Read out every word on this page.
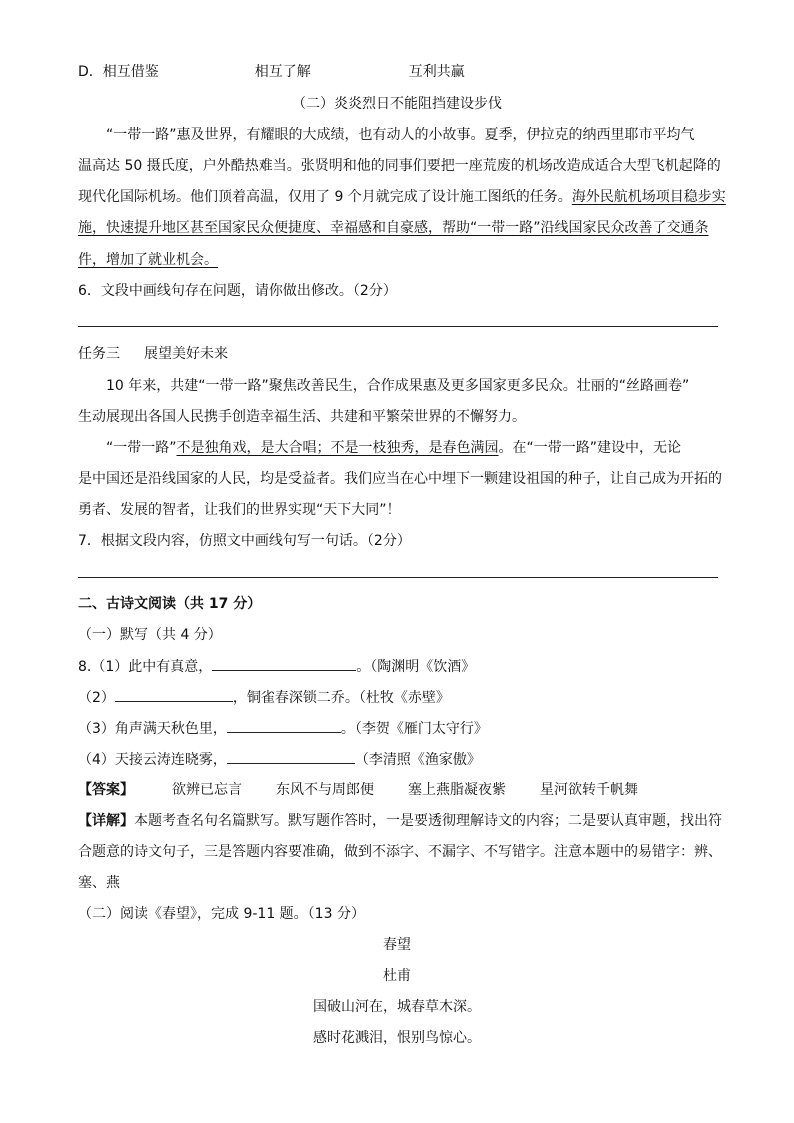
D．相互借鉴	相互了解	互利共赢
（二）炎炎烈日不能阻挡建设步伐
“一带一路”惠及世界，有耀眼的大成绩，也有动人的小故事。夏季，伊拉克的纳西里耶市平均气
温高达 50 摄氏度，户外酷热难当。张贤明和他的同事们要把一座荒废的机场改造成适合大型飞机起降的
现代化国际机场。他们顶着高温，仅用了 9 个月就完成了设计施工图纸的任务。海外民航机场项目稳步实
施，快速提升地区甚至国家民众便捷度、幸福感和自豪感，帮助“一带一路”沿线国家民众改善了交通条
件，增加了就业机会。
6．文段中画线句存在问题，请你做出修改。（2分）
任务三 展望美好未来
10 年来，共建“一带一路”聚焦改善民生，合作成果惠及更多国家更多民众。壮丽的“丝路画卷”
生动展现出各国人民携手创造幸福生活、共建和平繁荣世界的不懈努力。
“一带一路”不是独角戏，是大合唱；不是一枝独秀，是春色满园。在“一带一路”建设中，无论
是中国还是沿线国家的人民，均是受益者。我们应当在心中埋下一颗建设祖国的种子，让自己成为开拓的
勇者、发展的智者，让我们的世界实现“天下大同”！
7．根据文段内容，仿照文中画线句写一句话。（2分）
二、古诗文阅读（共 17 分）
（一）默写（共 4 分）
8.（1）此中有真意，	。（陶渊明《饮酒》
（2）	，铜雀春深锁二乔。（杜牧《赤壁》
（3）角声满天秋色里，	。（李贺《雁门太守行》
（4）天接云涛连晓雾，	（李清照《渔家傲》
【答案】	欲辨已忘言 东风不与周郎便 塞上燕脂凝夜紫 星河欲转千帆舞
【详解】本题考查名句名篇默写。默写题作答时，一是要透彻理解诗文的内容；二是要认真审题，找出符
合题意的诗文句子，三是答题内容要准确，做到不添字、不漏字、不写错字。注意本题中的易错字：辨、
塞、燕
（二）阅读《春望》，完成 9-11 题。（13 分）
春望
杜甫
国破山河在，城春草木深。
感时花溅泪，恨别鸟惊心。
